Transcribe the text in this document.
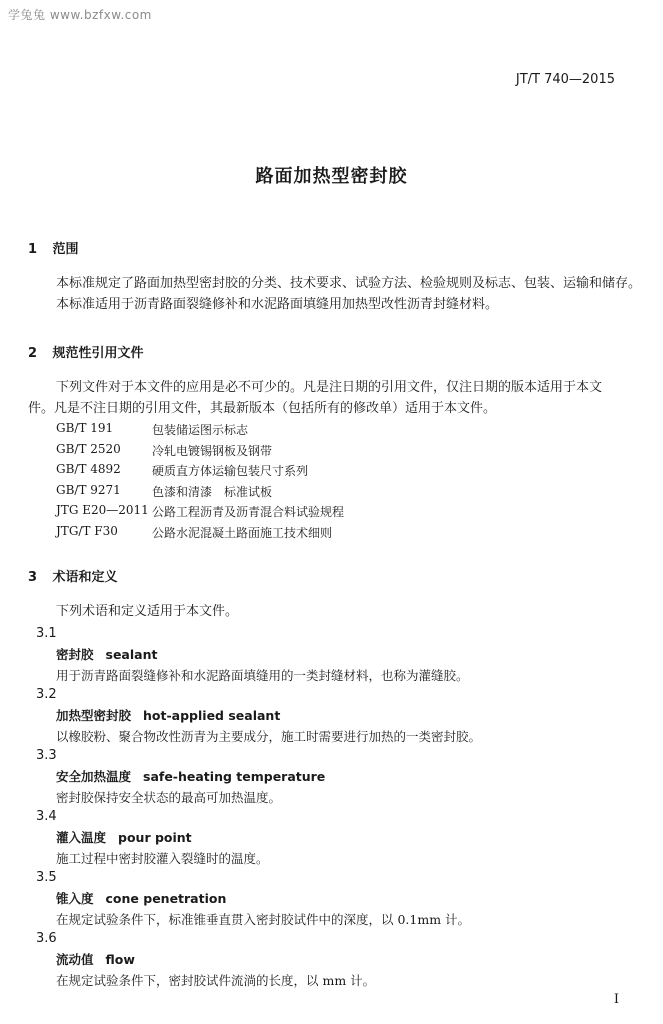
学兔兔 www.bzfxw.com
JT/T 740—2015
路面加热型密封胶
1 范围
本标准规定了路面加热型密封胶的分类、技术要求、试验方法、检验规则及标志、包装、运输和储存。
本标准适用于沥青路面裂缝修补和水泥路面填缝用加热型改性沥青封缝材料。
2 规范性引用文件
下列文件对于本文件的应用是必不可少的。凡是注日期的引用文件，仅注日期的版本适用于本文
件。凡是不注日期的引用文件，其最新版本（包括所有的修改单）适用于本文件。
GB/T 191	包装储运图示标志
GB/T 2520	冷轧电镀锡钢板及钢带
GB/T 4892	硬质直方体运输包装尺寸系列
GB/T 9271	色漆和清漆　标准试板
JTG E20—2011 公路工程沥青及沥青混合料试验规程
JTG/T F30	公路水泥混凝土路面施工技术细则
3 术语和定义
下列术语和定义适用于本文件。
3.1
密封胶 sealant
用于沥青路面裂缝修补和水泥路面填缝用的一类封缝材料，也称为灌缝胶。
3.2
加热型密封胶 hot-applied sealant
以橡胶粉、聚合物改性沥青为主要成分，施工时需要进行加热的一类密封胶。
3.3
安全加热温度 safe-heating temperature
密封胶保持安全状态的最高可加热温度。
3.4
灌入温度 pour point
施工过程中密封胶灌入裂缝时的温度。
3.5
锥入度 cone penetration
在规定试验条件下，标准锥垂直贯入密封胶试件中的深度，以 0.1mm 计。
3.6
流动值 flow
在规定试验条件下，密封胶试件流淌的长度，以 mm 计。
I
